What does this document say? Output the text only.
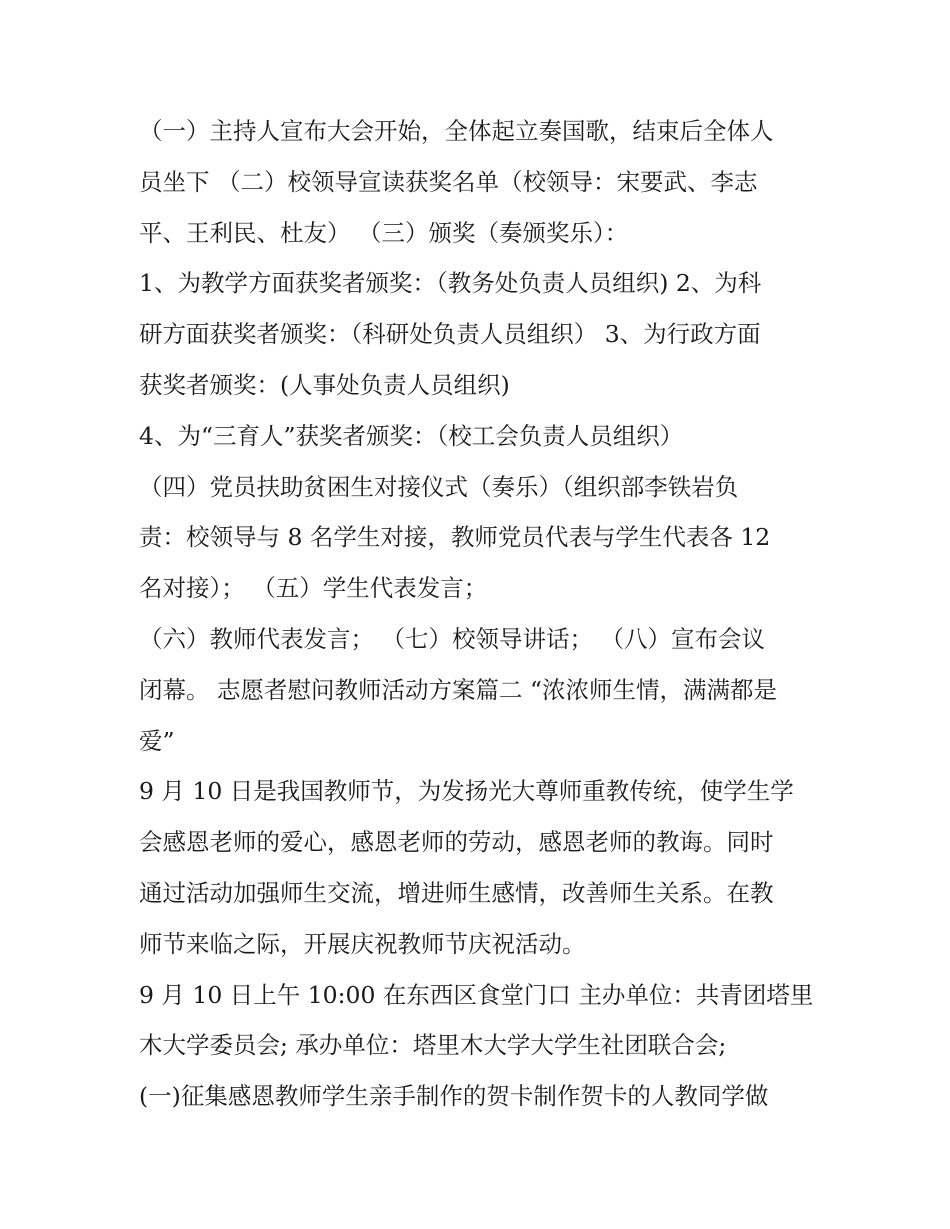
（一）主持人宣布大会开始，全体起立奏国歌，结束后全体人

员坐下 （二）校领导宣读获奖名单（校领导：宋要武、李志

平、王利民、杜友） （三）颁奖（奏颁奖乐）：

1、为教学方面获奖者颁奖：（教务处负责人员组织) 2、为科

研方面获奖者颁奖：（科研处负责人员组织） 3、为行政方面

获奖者颁奖：(人事处负责人员组织)

4、为“三育人”获奖者颁奖：（校工会负责人员组织）

（四）党员扶助贫困生对接仪式（奏乐）（组织部李铁岩负

责：校领导与 8 名学生对接，教师党员代表与学生代表各 12

名对接）； （五）学生代表发言；

（六）教师代表发言； （七）校领导讲话； （八）宣布会议

闭幕。 志愿者慰问教师活动方案篇二 “浓浓师生情，满满都是

爱”

9 月 10 日是我国教师节，为发扬光大尊师重教传统，使学生学

会感恩老师的爱心，感恩老师的劳动，感恩老师的教诲。同时

通过活动加强师生交流，增进师生感情，改善师生关系。在教

师节来临之际，开展庆祝教师节庆祝活动。

9 月 10 日上午 10:00 在东西区食堂门口 主办单位：共青团塔里

木大学委员会; 承办单位：塔里木大学大学生社团联合会;

(一)征集感恩教师学生亲手制作的贺卡制作贺卡的人教同学做
